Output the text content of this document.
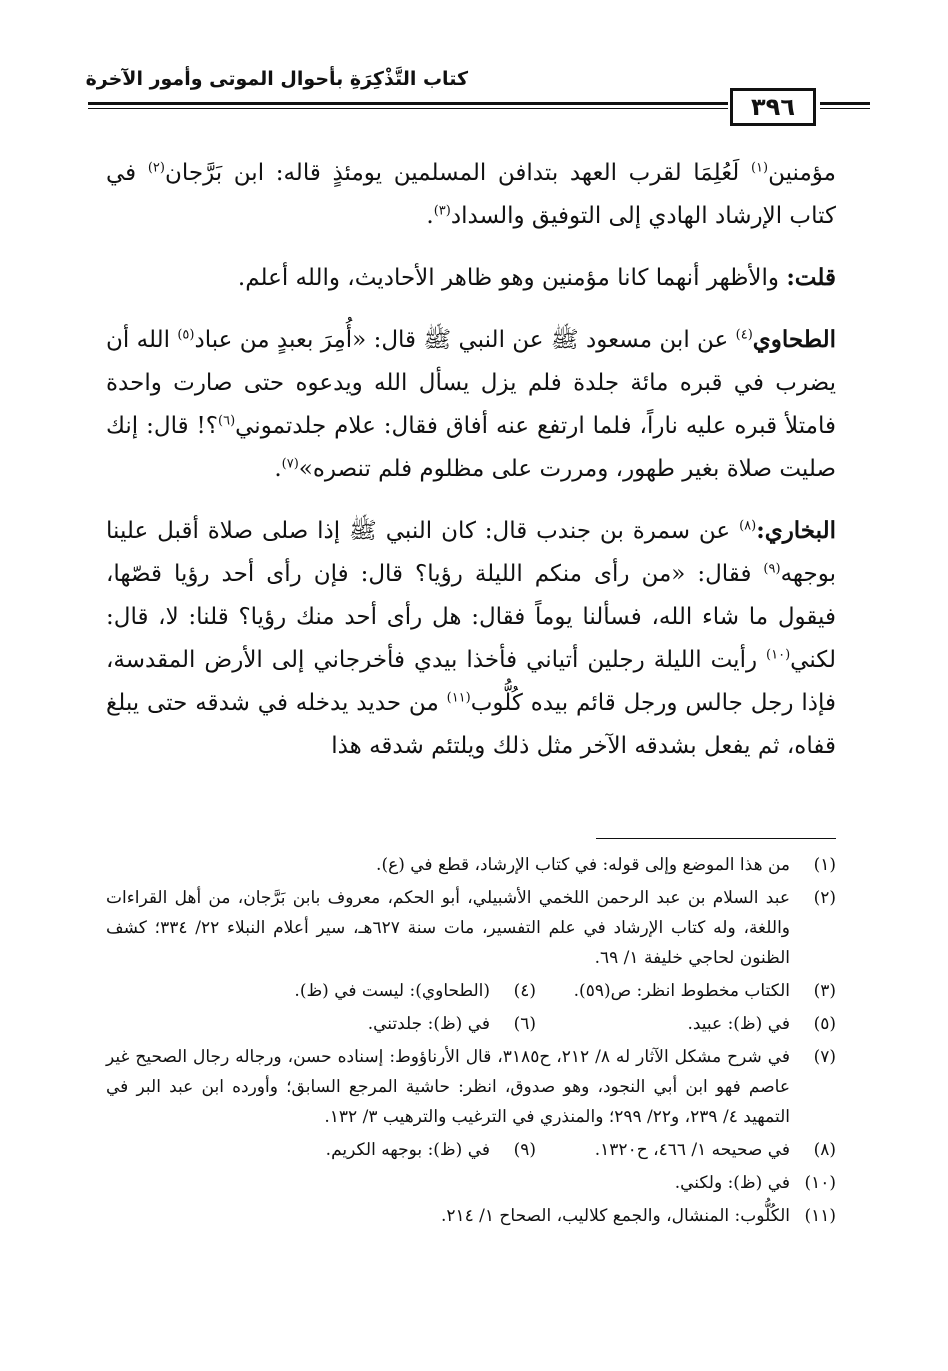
كتاب التَّذْكِرَةِ بأحوال الموتى وأمور الآخرة
٣٩٦

مؤمنين$^{(١)}$ لَعُلِمَا لقرب العهد بتدافن المسلمين يومئذٍ قاله: ابن بَرَّجان$^{(٢)}$ في كتاب الإرشاد الهادي إلى التوفيق والسداد$^{(٣)}$.

قلت: والأظهر أنهما كانا مؤمنين وهو ظاهر الأحاديث، والله أعلم.

الطحاوي$^{(٤)}$ عن ابن مسعود ﷺ عن النبي ﷺ قال: «أُمِرَ بعبدٍ من عباد$^{(٥)}$ الله أن يضرب في قبره مائة جلدة فلم يزل يسأل الله ويدعوه حتى صارت واحدة فامتلأ قبره عليه ناراً، فلما ارتفع عنه أفاق فقال: علام جلدتموني$^{(٦)}$؟! قال: إنك صليت صلاة بغير طهور، ومررت على مظلوم فلم تنصره»$^{(٧)}$.

البخاري:$^{(٨)}$ عن سمرة بن جندب قال: كان النبي ﷺ إذا صلى صلاة أقبل علينا بوجهه$^{(٩)}$ فقال: «من رأى منكم الليلة رؤيا؟ قال: فإن رأى أحد رؤيا قصّها، فيقول ما شاء الله، فسألنا يوماً فقال: هل رأى أحد منك رؤيا؟ قلنا: لا، قال: لكني$^{(١٠)}$ رأيت الليلة رجلين أتياني فأخذا بيدي فأخرجاني إلى الأرض المقدسة، فإذا رجل جالس ورجل قائم بيده كُلُّوب$^{(١١)}$ من حديد يدخله في شدقه حتى يبلغ قفاه، ثم يفعل بشدقه الآخر مثل ذلك ويلتئم شدقه هذا

(١)
من هذا الموضع وإلى قوله: في كتاب الإرشاد، قطع في (ع).
(٢)
عبد السلام بن عبد الرحمن اللخمي الأشبيلي، أبو الحكم، معروف بابن بَرَّجان، من أهل القراءات واللغة، وله كتاب الإرشاد في علم التفسير، مات سنة ٦٢٧هـ، سير أعلام النبلاء ٢٢/ ٣٣٤؛ كشف الظنون لحاجي خليفة ١/ ٦٩.
(٣)
الكتاب مخطوط انظر: ص(٥٩).
(٤)
(الطحاوي): ليست في (ظ).
(٥)
في (ظ): عبيد.
(٦)
في (ظ): جلدتني.
(٧)
في شرح مشكل الآثار له ٨/ ٢١٢، ح٣١٨٥، قال الأرناؤوط: إسناده حسن، ورجاله رجال الصحيح غير عاصم فهو ابن أبي النجود، وهو صدوق، انظر: حاشية المرجع السابق؛ وأورده ابن عبد البر في التمهيد ٤/ ٢٣٩، و٢٢/ ٢٩٩؛ والمنذري في الترغيب والترهيب ٣/ ١٣٢.
(٨)
في صحيحه ١/ ٤٦٦، ح١٣٢٠.
(٩)
في (ظ): بوجهه الكريم.
(١٠)
في (ظ): ولكني.
(١١)
الكُلُّوب: المنشال، والجمع كلاليب، الصحاح ١/ ٢١٤.
